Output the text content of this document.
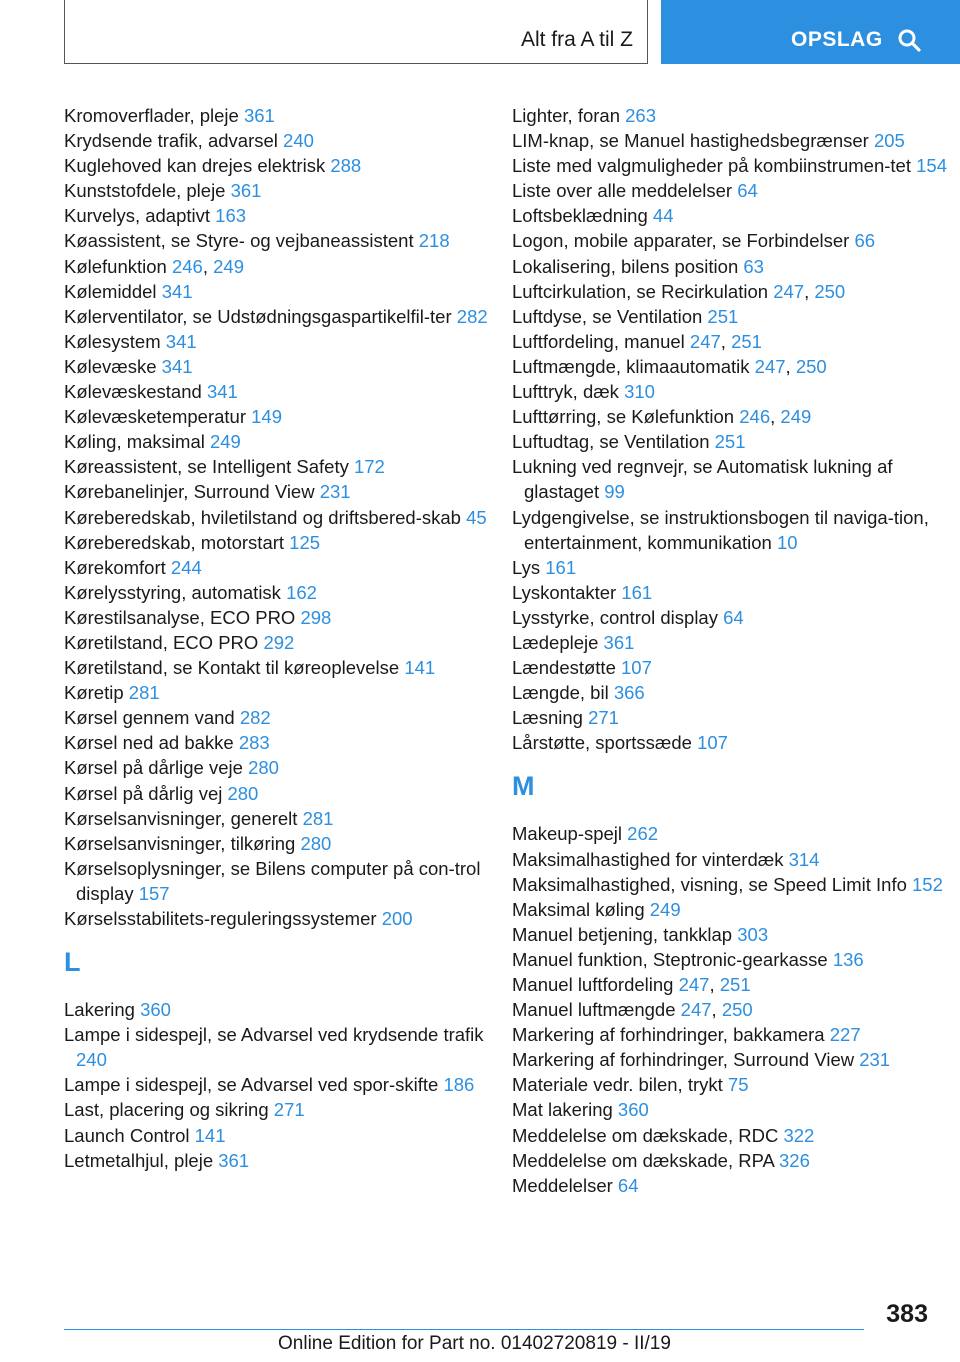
Alt fra A til Z	OPSLAG
Kromoverflader, pleje 361
Krydsende trafik, advarsel 240
Kuglehoved kan drejes elektrisk 288
Kunststofdele, pleje 361
Kurvelys, adaptivt 163
Køassistent, se Styre- og vejbaneassistent 218
Kølefunktion 246, 249
Kølemiddel 341
Kølerventilator, se Udstødningsgaspartikelfil-ter 282
Kølesystem 341
Kølevæske 341
Kølevæskestand 341
Kølevæsketemperatur 149
Køling, maksimal 249
Køreassistent, se Intelligent Safety 172
Kørebanelinjer, Surround View 231
Køreberedskab, hviletilstand og driftsbered-skab 45
Køreberedskab, motorstart 125
Kørekomfort 244
Kørelysstyring, automatisk 162
Kørestilsanalyse, ECO PRO 298
Køretilstand, ECO PRO 292
Køretilstand, se Kontakt til køreoplevelse 141
Køretip 281
Kørsel gennem vand 282
Kørsel ned ad bakke 283
Kørsel på dårlige veje 280
Kørsel på dårlig vej 280
Kørselsanvisninger, generelt 281
Kørselsanvisninger, tilkøring 280
Kørselsoplysninger, se Bilens computer på con-trol display 157
Kørselsstabilitets-reguleringssystemer 200
L
Lakering 360
Lampe i sidespejl, se Advarsel ved krydsende trafik 240
Lampe i sidespejl, se Advarsel ved spor-skifte 186
Last, placering og sikring 271
Launch Control 141
Letmetalhjul, pleje 361
Lighter, foran 263
LIM-knap, se Manuel hastighedsbegrænser 205
Liste med valgmuligheder på kombiinstrumen-tet 154
Liste over alle meddelelser 64
Loftsbeklædning 44
Logon, mobile apparater, se Forbindelser 66
Lokalisering, bilens position 63
Luftcirkulation, se Recirkulation 247, 250
Luftdyse, se Ventilation 251
Luftfordeling, manuel 247, 251
Luftmængde, klimaautomatik 247, 250
Lufttryk, dæk 310
Lufttørring, se Kølefunktion 246, 249
Luftudtag, se Ventilation 251
Lukning ved regnvejr, se Automatisk lukning af glastaget 99
Lydgengivelse, se instruktionsbogen til naviga-tion, entertainment, kommunikation 10
Lys 161
Lyskontakter 161
Lysstyrke, control display 64
Lædepleje 361
Lændestøtte 107
Længde, bil 366
Læsning 271
Lårstøtte, sportssæde 107
M
Makeup-spejl 262
Maksimalhastighed for vinterdæk 314
Maksimalhastighed, visning, se Speed Limit Info 152
Maksimal køling 249
Manuel betjening, tankklap 303
Manuel funktion, Steptronic-gearkasse 136
Manuel luftfordeling 247, 251
Manuel luftmængde 247, 250
Markering af forhindringer, bakkamera 227
Markering af forhindringer, Surround View 231
Materiale vedr. bilen, trykt 75
Mat lakering 360
Meddelelse om dækskade, RDC 322
Meddelelse om dækskade, RPA 326
Meddelelser 64
383
Online Edition for Part no. 01402720819 - II/19
